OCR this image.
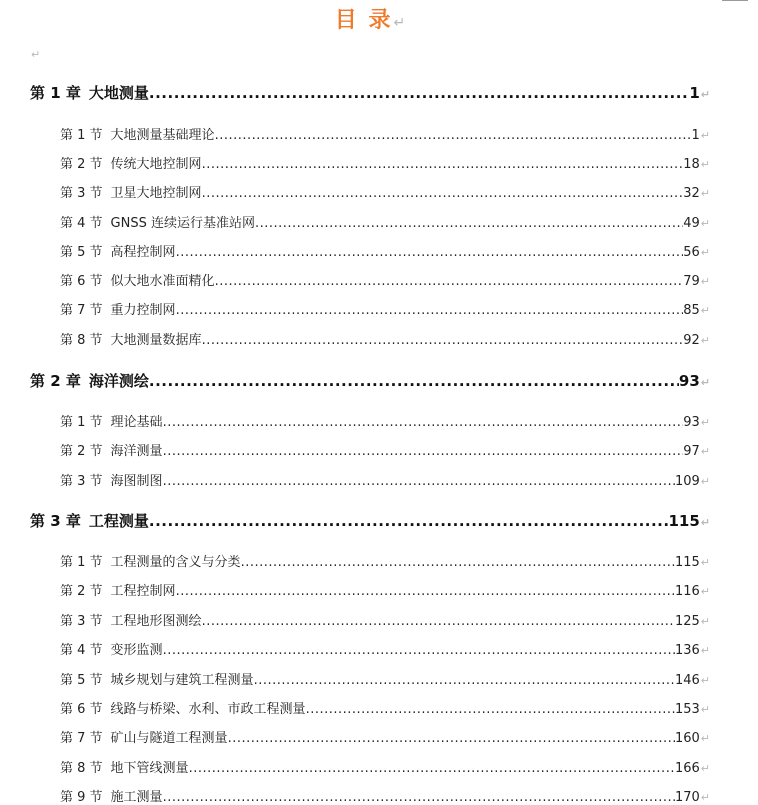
目 录↵
↵
第 1 章 大地测量 .....	1 ↵
第 1 节 大地测量基础理论 .....	1 ↵
第 2 节 传统大地控制网 .....	18 ↵
第 3 节 卫星大地控制网 .....	32 ↵
第 4 节 GNSS 连续运行基准站网 .....	49 ↵
第 5 节 高程控制网 .....	56 ↵
第 6 节 似大地水准面精化 .....	79 ↵
第 7 节 重力控制网 .....	85 ↵
第 8 节 大地测量数据库 .....	92 ↵
第 2 章 海洋测绘 .....	93 ↵
第 1 节 理论基础 .....	93 ↵
第 2 节 海洋测量 .....	97 ↵
第 3 节 海图制图 .....	109 ↵
第 3 章 工程测量 .....	115 ↵
第 1 节 工程测量的含义与分类 .....	115 ↵
第 2 节 工程控制网 .....	116 ↵
第 3 节 工程地形图测绘 .....	125 ↵
第 4 节 变形监测 .....	136 ↵
第 5 节 城乡规划与建筑工程测量 .....	146 ↵
第 6 节 线路与桥梁、水利、市政工程测量 .....	153 ↵
第 7 节 矿山与隧道工程测量 .....	160 ↵
第 8 节 地下管线测量 .....	166 ↵
第 9 节 施工测量 .....	170 ↵
